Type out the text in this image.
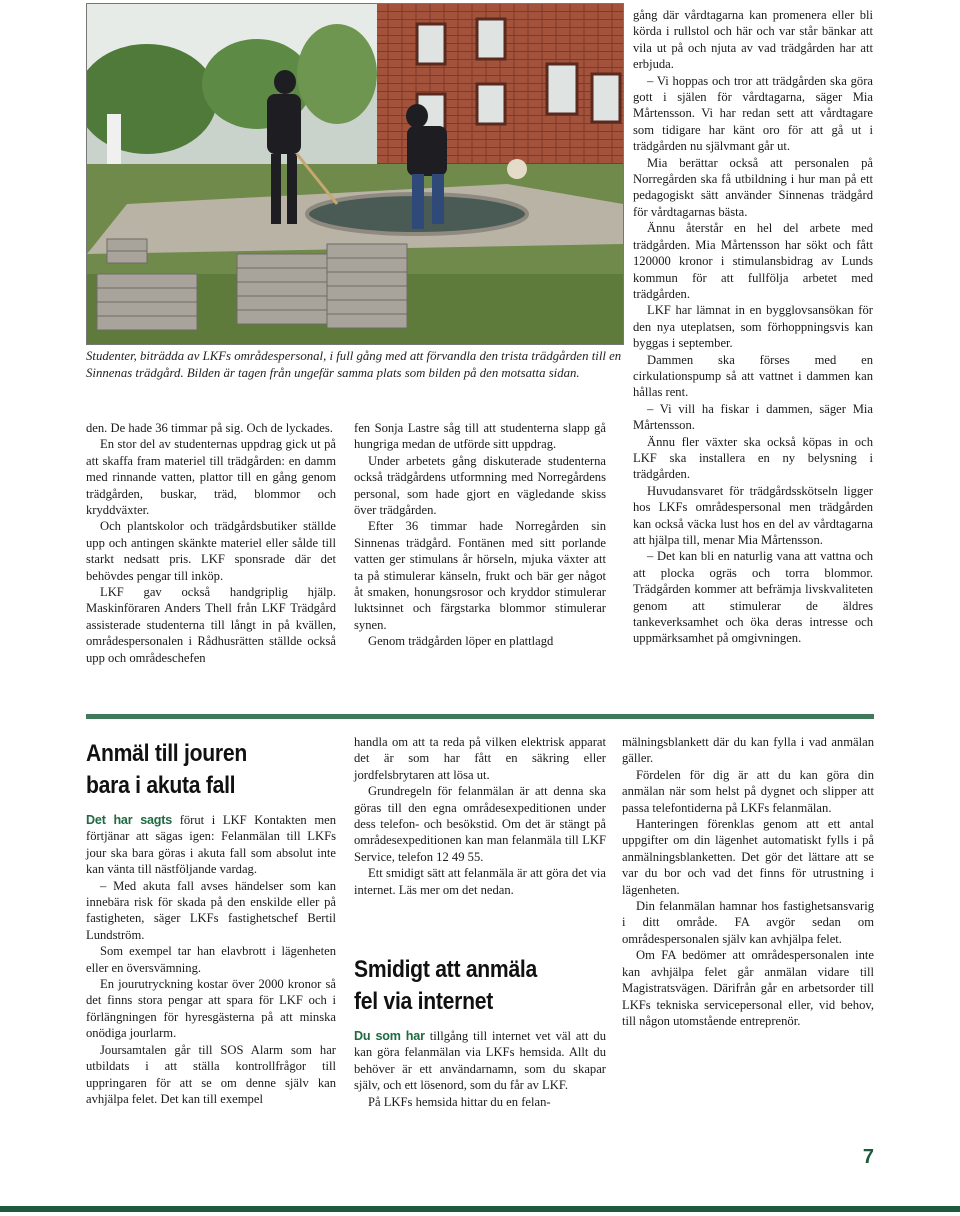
Studenter, biträdda av LKFs områdespersonal, i full gång med att förvandla den trista trädgården till en Sinnenas trädgård. Bilden är tagen från ungefär samma plats som bilden på den motsatta sidan.

den. De hade 36 timmar på sig. Och de lyckades.

En stor del av studenternas uppdrag gick ut på att skaffa fram materiel till trädgården: en damm med rinnande vatten, plattor till en gång genom trädgården, buskar, träd, blommor och kryddväxter.

Och plantskolor och trädgårdsbutiker ställde upp och antingen skänkte materiel eller sålde till starkt nedsatt pris. LKF sponsrade där det behövdes pengar till inköp.

LKF gav också handgriplig hjälp. Maskinföraren Anders Thell från LKF Trädgård assisterade studenterna till långt in på kvällen, områdespersonalen i Rådhusrätten ställde också upp och områdeschefen

fen Sonja Lastre såg till att studenterna slapp gå hungriga medan de utförde sitt uppdrag.

Under arbetets gång diskuterade studenterna också trädgårdens utformning med Norregårdens personal, som hade gjort en vägledande skiss över trädgården.

Efter 36 timmar hade Norregården sin Sinnenas trädgård. Fontänen med sitt porlande vatten ger stimulans år hörseln, mjuka växter att ta på stimulerar känseln, frukt och bär ger något åt smaken, honungsrosor och kryddor stimulerar luktsinnet och färgstarka blommor stimulerar synen.

Genom trädgården löper en plattlagd

gång där vårdtagarna kan promenera eller bli körda i rullstol och här och var står bänkar att vila ut på och njuta av vad trädgården har att erbjuda.

– Vi hoppas och tror att trädgården ska göra gott i själen för vårdtagarna, säger Mia Mårtensson. Vi har redan sett att vårdtagare som tidigare har känt oro för att gå ut i trädgården nu självmant går ut.

Mia berättar också att personalen på Norregården ska få utbildning i hur man på ett pedagogiskt sätt använder Sinnenas trädgård för vårdtagarnas bästa.

Ännu återstår en hel del arbete med trädgården. Mia Mårtensson har sökt och fått 120000 kronor i stimulansbidrag av Lunds kommun för att fullfölja arbetet med trädgården.

LKF har lämnat in en bygglovsansökan för den nya uteplatsen, som förhoppningsvis kan byggas i september.

Dammen ska förses med en cirkulationspump så att vattnet i dammen kan hållas rent.

– Vi vill ha fiskar i dammen, säger Mia Mårtensson.

Ännu fler växter ska också köpas in och LKF ska installera en ny belysning i trädgården.

Huvudansvaret för trädgårdsskötseln ligger hos LKFs områdespersonal men trädgården kan också väcka lust hos en del av vårdtagarna att hjälpa till, menar Mia Mårtensson.

– Det kan bli en naturlig vana att vattna och att plocka ogräs och torra blommor. Trädgården kommer att befrämja livskvaliteten genom att stimulerar de äldres tankeverksamhet och öka deras intresse och uppmärksamhet på omgivningen.

Anmäl till jouren
bara i akuta fall

Det har sagts förut i LKF Kontakten men förtjänar att sägas igen: Felanmälan till LKFs jour ska bara göras i akuta fall som absolut inte kan vänta till nästföljande vardag.

– Med akuta fall avses händelser som kan innebära risk för skada på den enskilde eller på fastigheten, säger LKFs fastighetschef Bertil Lundström.

Som exempel tar han elavbrott i lägenheten eller en översvämning.

En jourutryckning kostar över 2000 kronor så det finns stora pengar att spara för LKF och i förlängningen för hyresgästerna på att minska onödiga jourlarm.

Joursamtalen går till SOS Alarm som har utbildats i att ställa kontrollfrågor till uppringaren för att se om denne själv kan avhjälpa felet. Det kan till exempel

handla om att ta reda på vilken elektrisk apparat det är som har fått en säkring eller jordfelsbrytaren att lösa ut.

Grundregeln för felanmälan är att denna ska göras till den egna områdesexpeditionen under dess telefon- och besökstid. Om det är stängt på områdesexpeditionen kan man felanmäla till LKF Service, telefon 12 49 55.

Ett smidigt sätt att felanmäla är att göra det via internet. Läs mer om det nedan.

Smidigt att anmäla
fel via internet

Du som har tillgång till internet vet väl att du kan göra felanmälan via LKFs hemsida. Allt du behöver är ett användarnamn, som du skapar själv, och ett lösenord, som du får av LKF.

På LKFs hemsida hittar du en felan-

mälningsblankett där du kan fylla i vad anmälan gäller.

Fördelen för dig är att du kan göra din anmälan när som helst på dygnet och slipper att passa telefontiderna på LKFs felanmälan.

Hanteringen förenklas genom att ett antal uppgifter om din lägenhet automatiskt fylls i på anmälningsblanketten. Det gör det lättare att se var du bor och vad det finns för utrustning i lägenheten.

Din felanmälan hamnar hos fastighetsansvarig i ditt område. FA avgör sedan om områdespersonalen själv kan avhjälpa felet.

Om FA bedömer att områdespersonalen inte kan avhjälpa felet går anmälan vidare till Magistratsvägen. Därifrån går en arbetsorder till LKFs tekniska servicepersonal eller, vid behov, till någon utomstående entreprenör.

7
